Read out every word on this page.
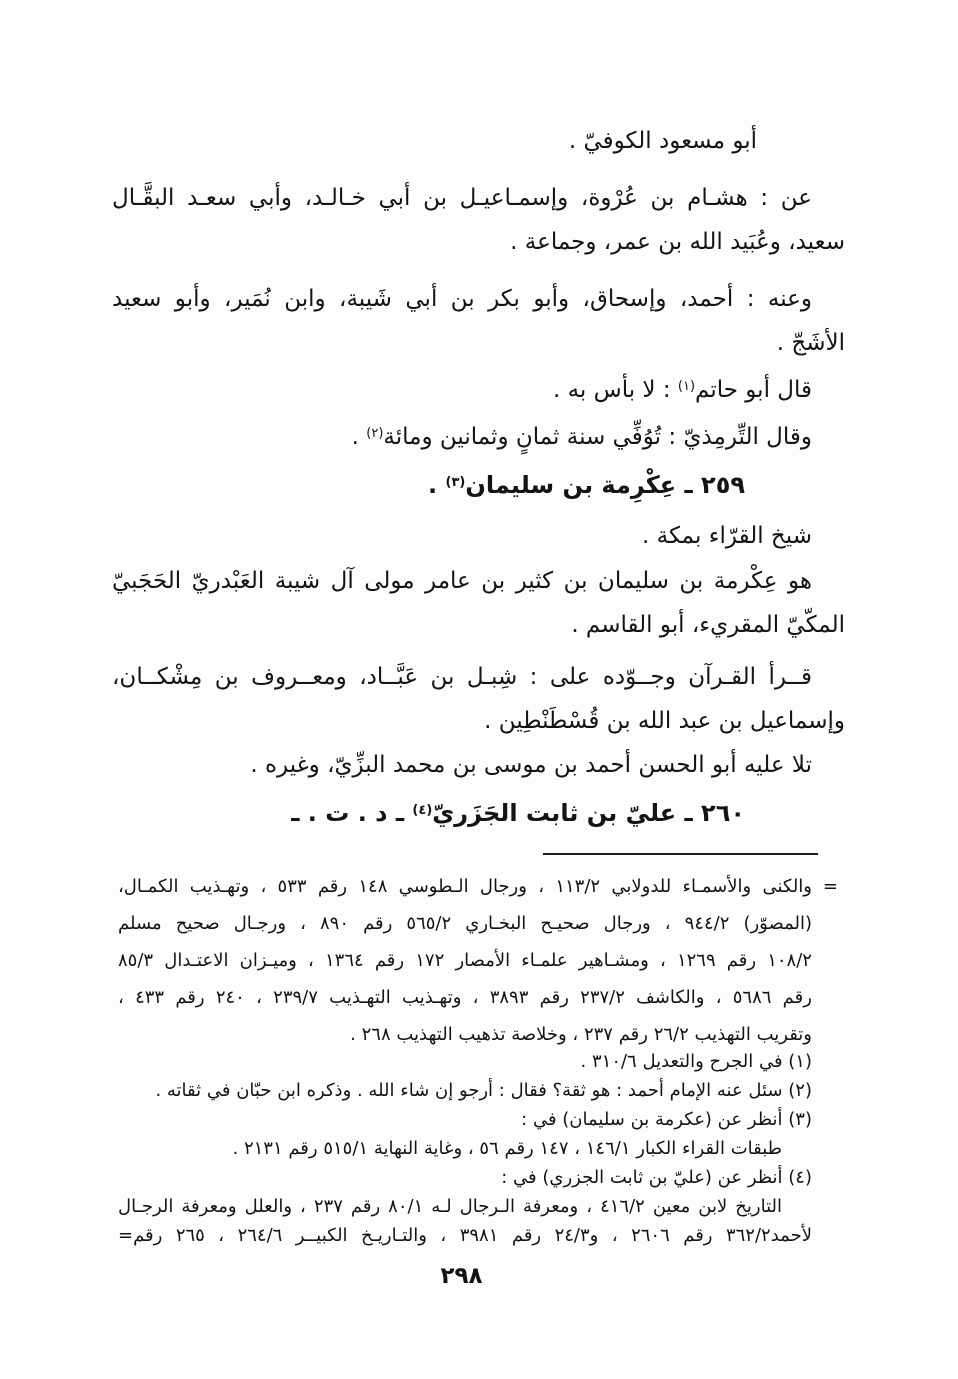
أبو مسعود الكوفيّ .
عن : هشـام بن عُرْوة، وإسمـاعيـل بن أبي خـالـد، وأبي سعـد البقَّـال
سعيد، وعُبَيد الله بن عمر، وجماعة .
وعنه : أحمد، وإسحاق، وأبو بكر بن أبي شَيبة، وابن نُمَير، وأبو سعيد
الأشَجّ .
قال أبو حاتم$^{(١)}$ : لا بأس به .
وقال التِّرمِذيّ : تُوُفِّي سنة ثمانٍ وثمانين ومائة$^{(٢)}$ .
٢٥٩ ـ عِكْرِمة بن سليمان$^{(٣)}$ .
شيخ القرّاء بمكة .
هو عِكْرمة بن سليمان بن كثير بن عامر مولى آل شيبة العَبْدريّ الحَجَبيّ
المكّيّ المقريء، أبو القاسم .
قــرأ القـرآن وجــوّده على : شِبـل بن عَبَّــاد، ومعــروف بن مِشْكــان،
وإسماعيل بن عبد الله بن قُسْطَنْطِين .
تلا عليه أبو الحسن أحمد بن موسى بن محمد البزِّيّ، وغيره .
٢٦٠ ـ عليّ بن ثابت الجَزَريّ$^{(٤)}$ ـ د . ت . ـ
=
والكنى والأسمـاء للدولابي ١١٣/٢ ، ورجال الـطوسي ١٤٨ رقم ٥٣٣ ، وتهـذيب الكمـال،
(المصوّر) ٩٤٤/٢ ، ورجال صحيـح البخـاري ٥٦٥/٢ رقم ٨٩٠ ، ورجـال صحيح مسلم
١٠٨/٢ رقم ١٢٦٩ ، ومشـاهير علمـاء الأمصار ١٧٢ رقم ١٣٦٤ ، وميـزان الاعتـدال ٨٥/٣
رقم ٥٦٨٦ ، والكاشف ٢٣٧/٢ رقم ٣٨٩٣ ، وتهـذيب التهـذيب ٢٣٩/٧ ، ٢٤٠ رقم ٤٣٣ ،
وتقريب التهذيب ٢٦/٢ رقم ٢٣٧ ، وخلاصة تذهيب التهذيب ٢٦٨ .
(١) في الجرح والتعديل ٣١٠/٦ .
(٢) سئل عنه الإمام أحمد : هو ثقة؟ فقال : أرجو إن شاء الله . وذكره ابن حبّان في ثقاته .
(٣) أنظر عن (عكرمة بن سليمان) في :
طبقات القراء الكبار ١٤٦/١ ، ١٤٧ رقم ٥٦ ، وغاية النهاية ٥١٥/١ رقم ٢١٣١ .
(٤) أنظر عن (عليّ بن ثابت الجزري) في :
التاريخ لابن معين ٤١٦/٢ ، ومعرفة الـرجال لـه ٨٠/١ رقم ٢٣٧ ، والعلل ومعرفة الرجـال
لأحمد٣٦٢/٢ رقم ٢٦٠٦ ، و٢٤/٣ رقم ٣٩٨١ ، والتـاريـخ الكبيــر ٢٦٤/٦ ، ٢٦٥ رقم=
٢٩٨
